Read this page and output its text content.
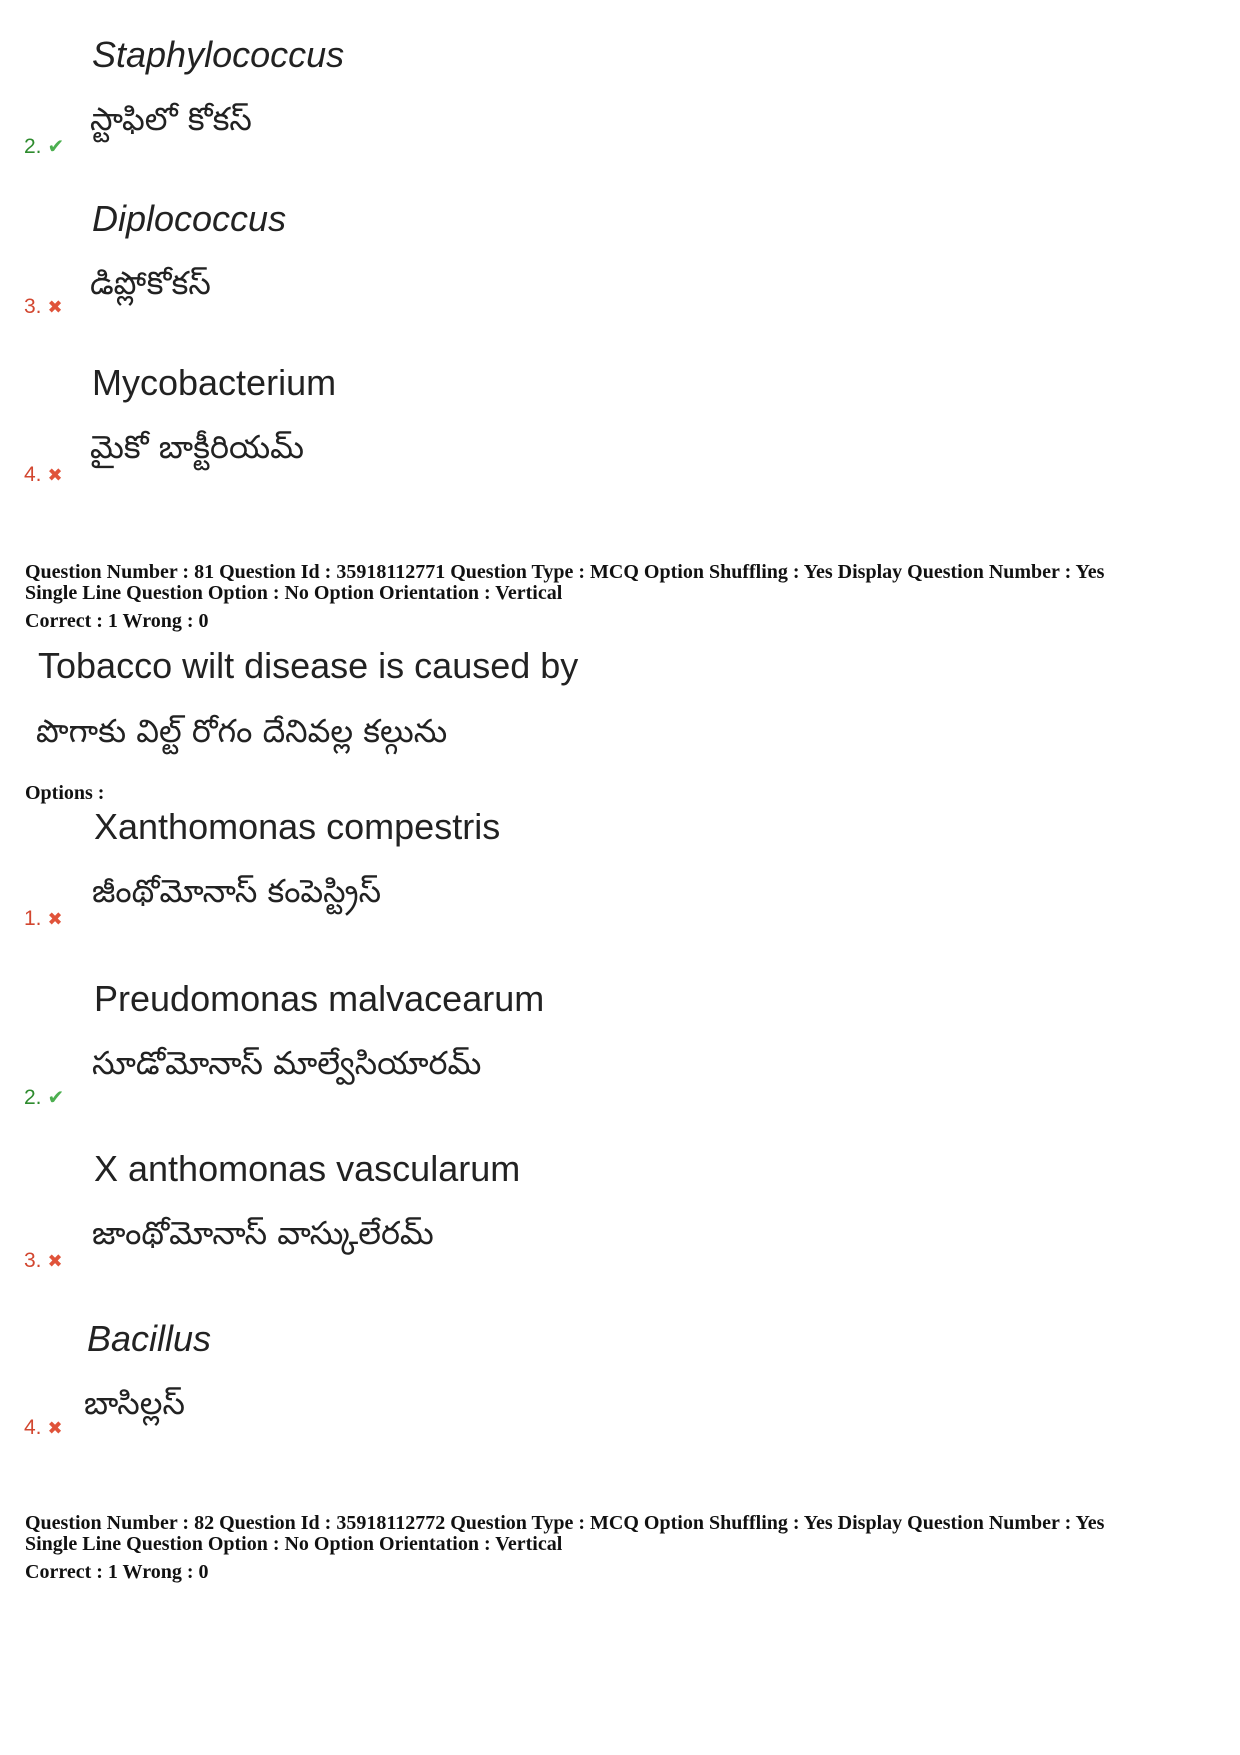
Staphylococcus
స్టాఫిలో కోకస్
2. ✔
Diplococcus
డిప్లోకోకస్
3. ✖
Mycobacterium
మైకో బాక్టీరియమ్
4. ✖
Question Number : 81 Question Id : 35918112771 Question Type : MCQ Option Shuffling : Yes Display Question Number : Yes
Single Line Question Option : No Option Orientation : Vertical
Correct : 1 Wrong : 0
Tobacco wilt disease is caused by
పొగాకు విల్ట్ రోగం దేనివల్ల కల్గును
Options :
Xanthomonas compestris
జీంథోమోనాస్ కంపెస్ట్రిస్
1. ✖
Preudomonas malvacearum
సూడోమోనాస్ మాల్వేసియారమ్
2. ✔
X anthomonas vascularum
జాంథోమోనాస్ వాస్కులేరమ్
3. ✖
Bacillus
బాసిల్లస్
4. ✖
Question Number : 82 Question Id : 35918112772 Question Type : MCQ Option Shuffling : Yes Display Question Number : Yes
Single Line Question Option : No Option Orientation : Vertical
Correct : 1 Wrong : 0
